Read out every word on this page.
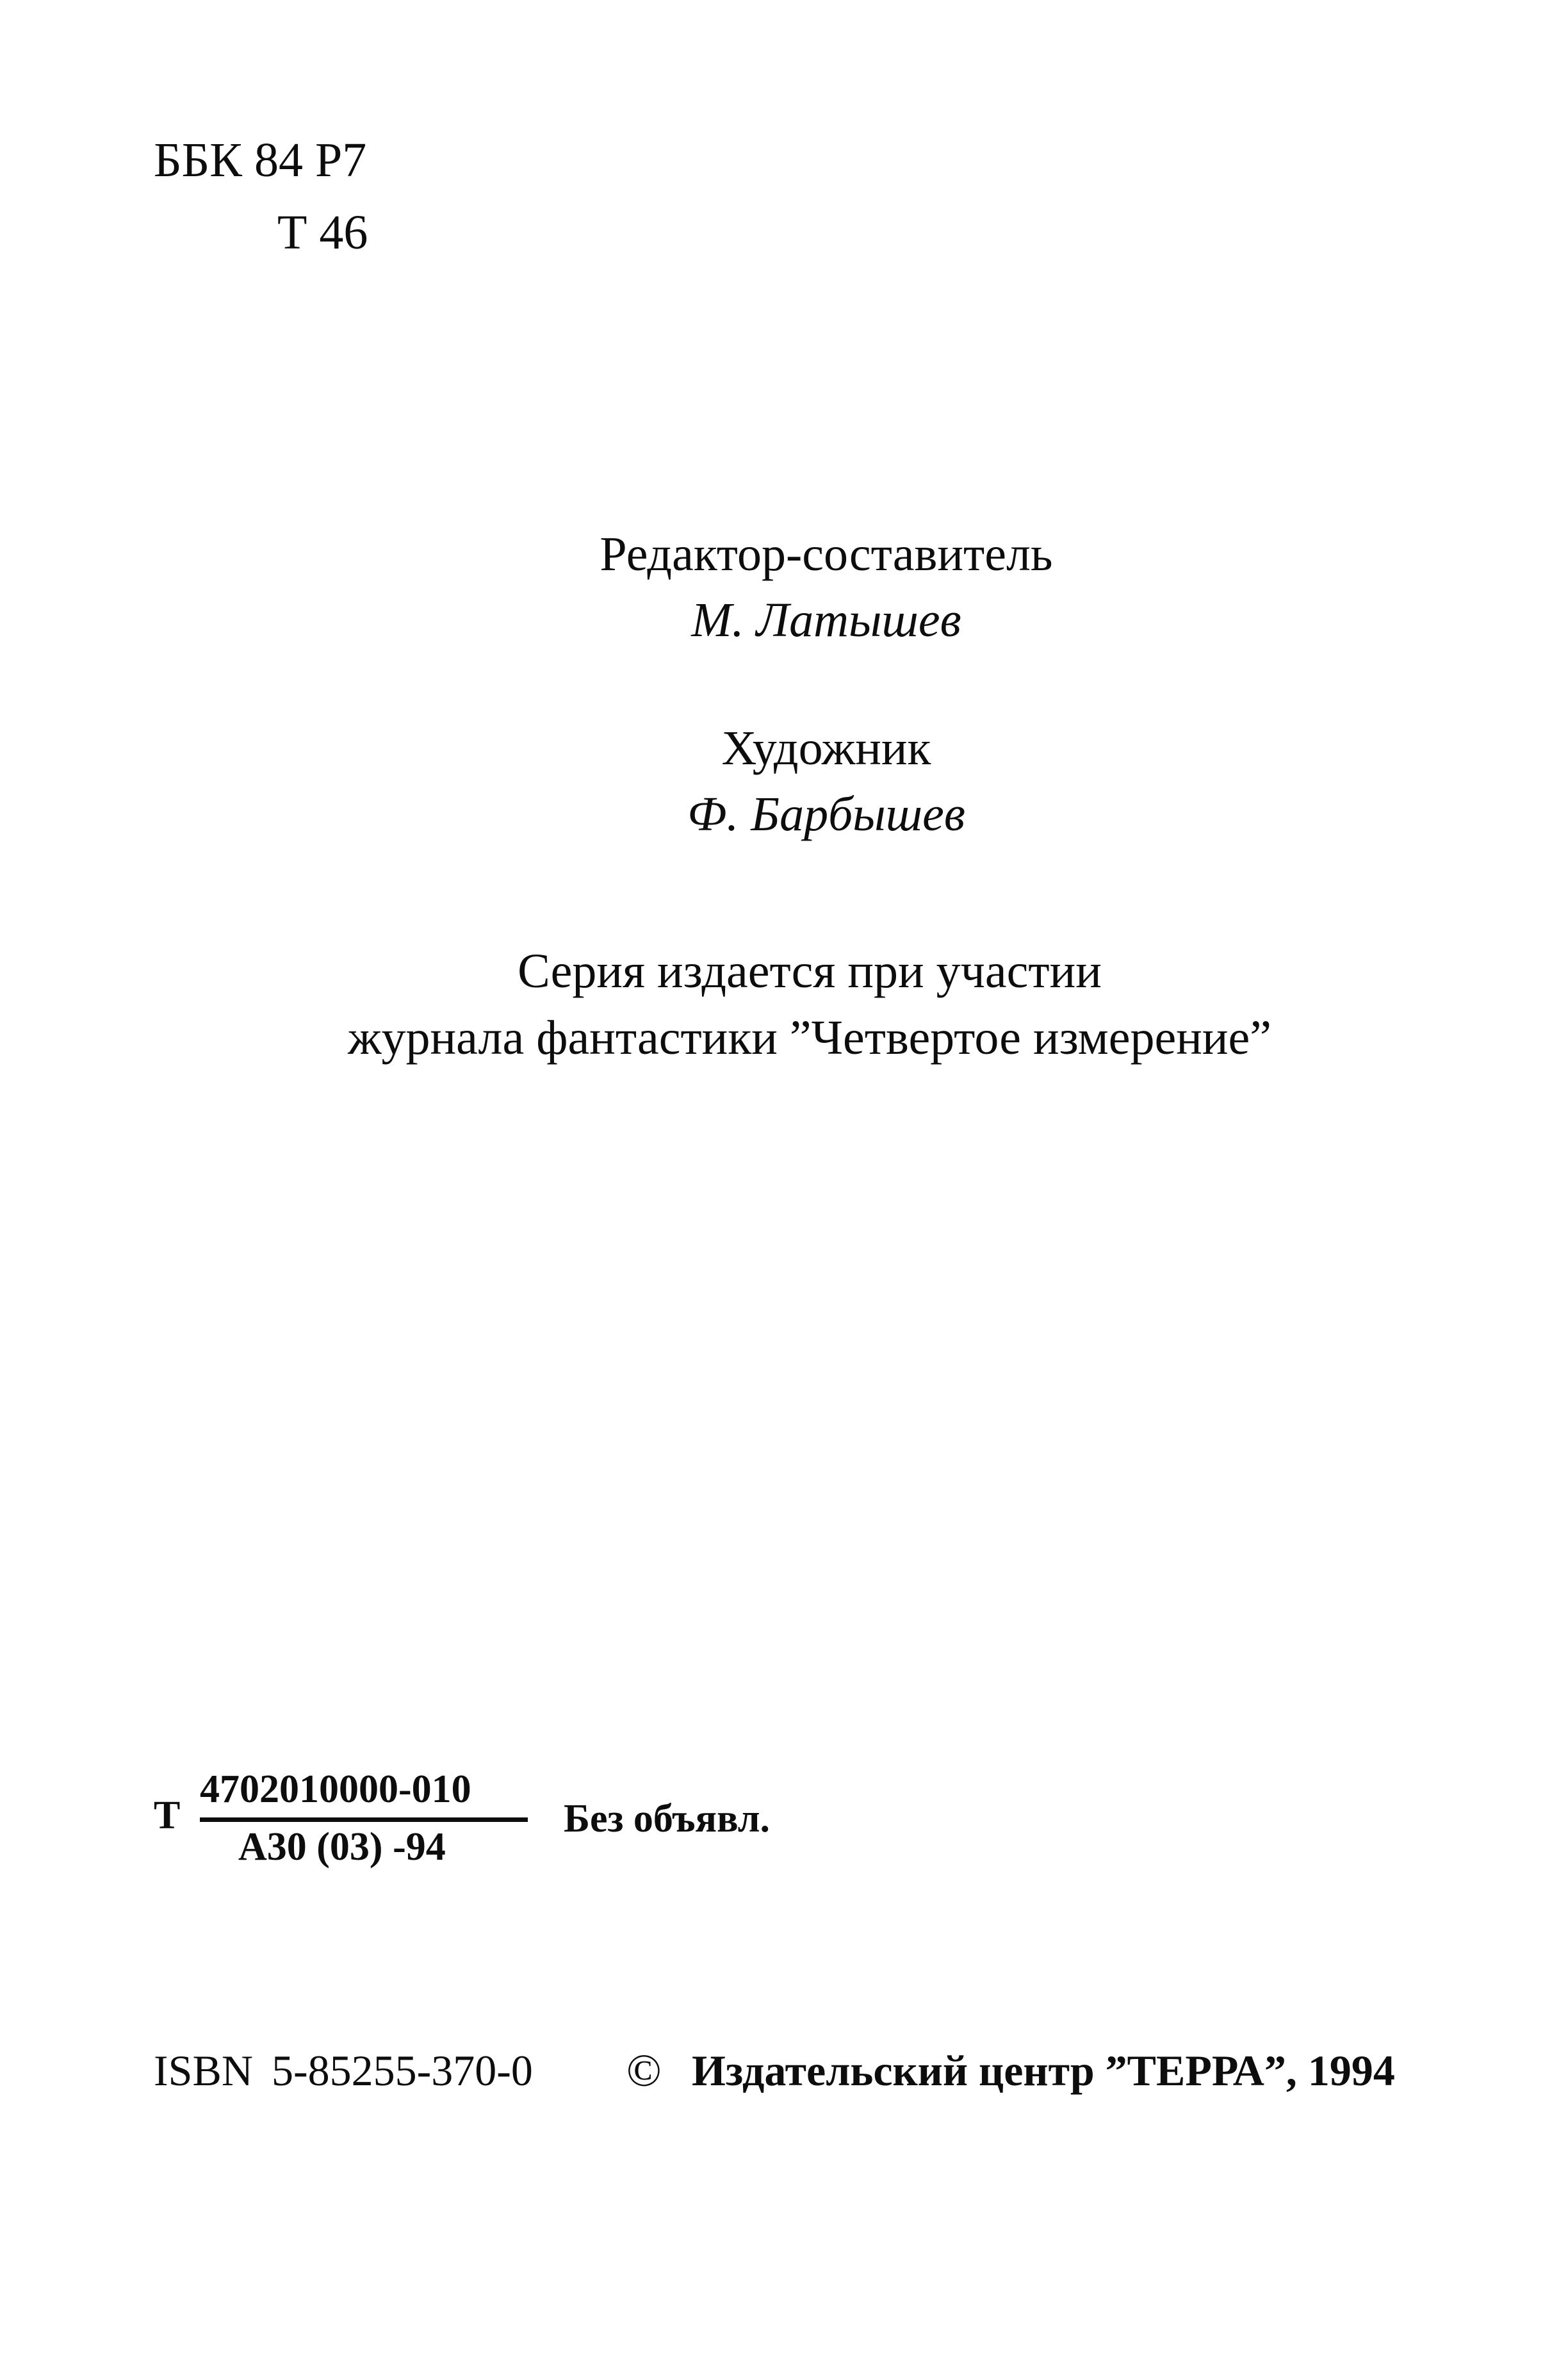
ББК 84 Р7
Т 46
Редактор-составитель
М. Латышев
Художник
Ф. Барбышев
Серия издается при участии
журнала фантастики ”Четвертое измерение”
Т
4702010000-010
А30 (03) -94
Без объявл.
ISBN 5-85255-370-0 © Издательский центр ”ТЕРРА”, 1994
